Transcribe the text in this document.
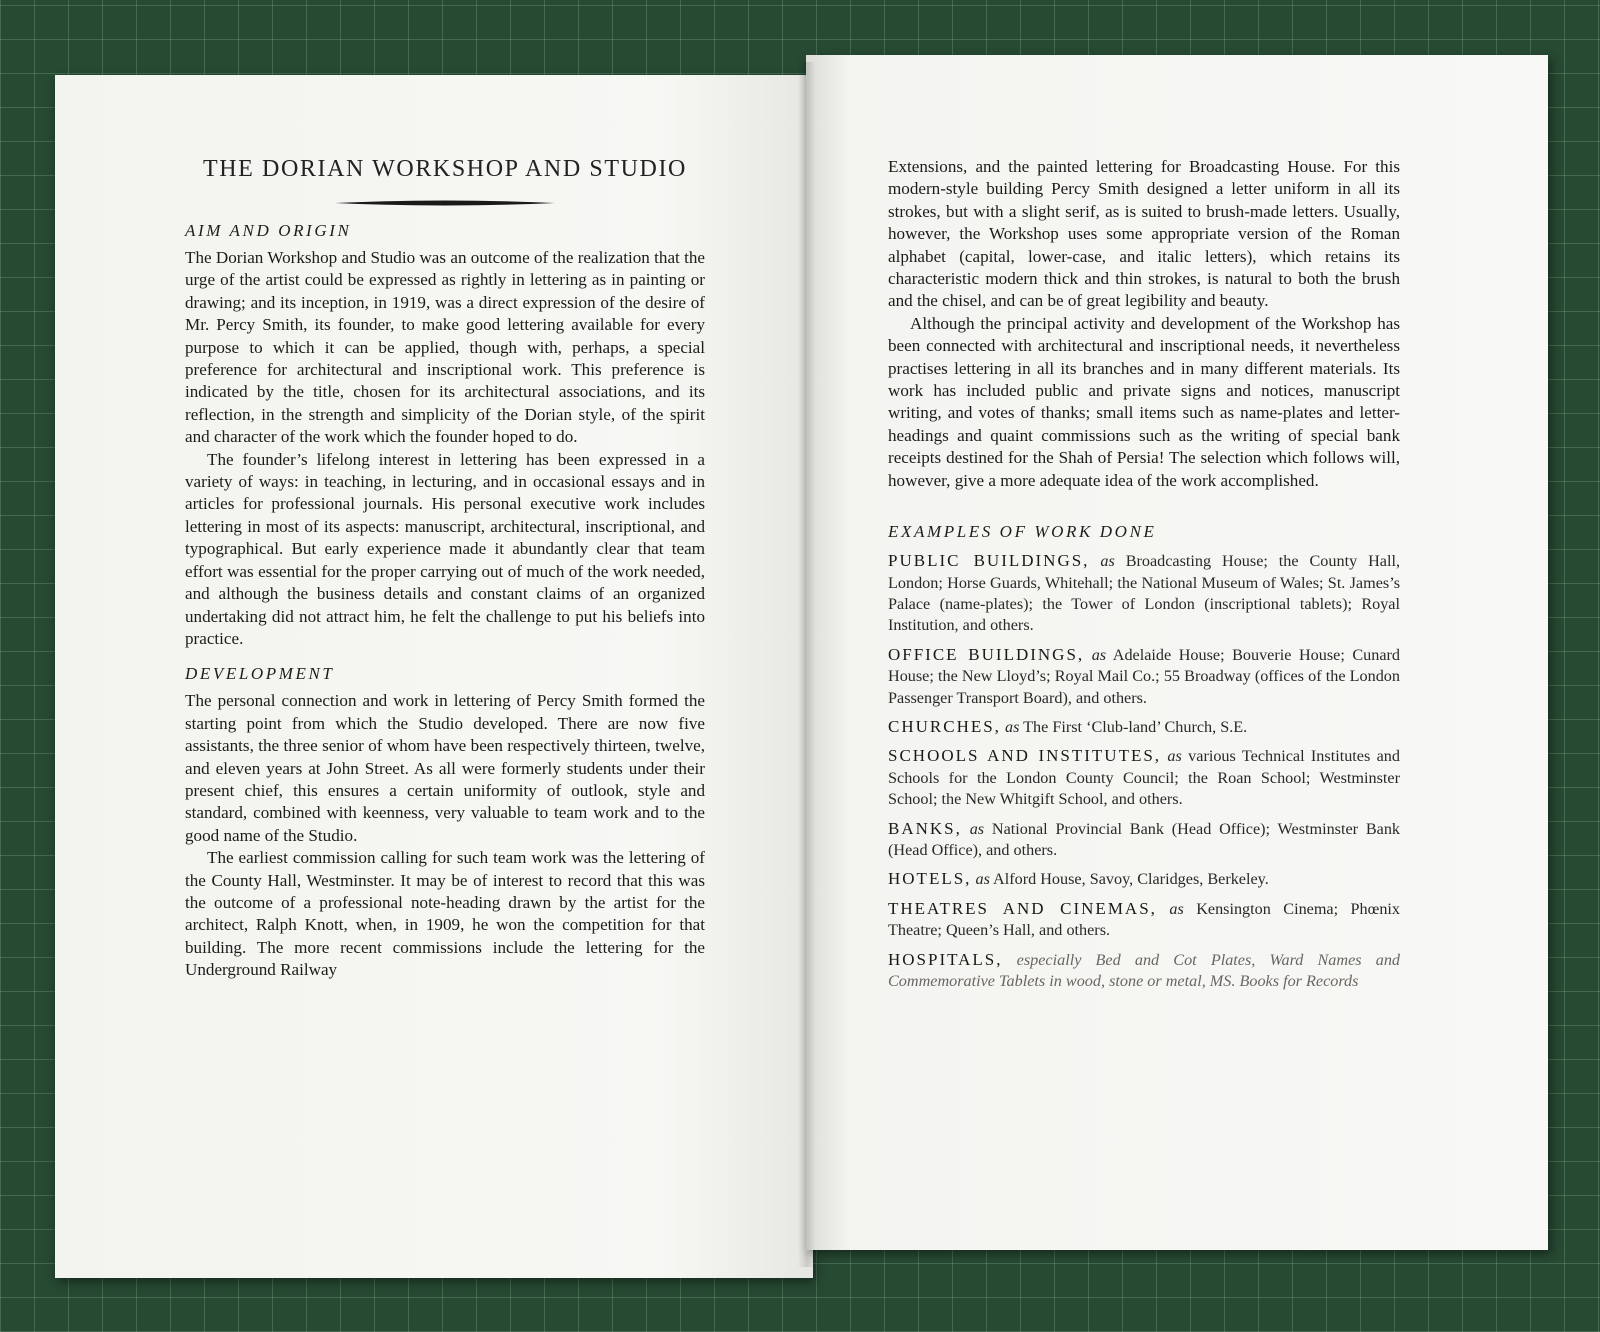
THE DORIAN WORKSHOP AND STUDIO
AIM AND ORIGIN

The Dorian Workshop and Studio was an outcome of the realization that the urge of the artist could be expressed as rightly in lettering as in painting or drawing; and its inception, in 1919, was a direct expression of the desire of Mr. Percy Smith, its founder, to make good lettering available for every purpose to which it can be applied, though with, perhaps, a special preference for architectural and inscriptional work. This preference is indicated by the title, chosen for its architectural associations, and its reflection, in the strength and simplicity of the Dorian style, of the spirit and character of the work which the founder hoped to do.

The founder’s lifelong interest in lettering has been expressed in a variety of ways: in teaching, in lecturing, and in occasional essays and in articles for professional journals. His personal executive work includes lettering in most of its aspects: manuscript, architectural, inscriptional, and typographical. But early experience made it abundantly clear that team effort was essential for the proper carrying out of much of the work needed, and although the business details and constant claims of an organized undertaking did not attract him, he felt the challenge to put his beliefs into practice.

DEVELOPMENT

The personal connection and work in lettering of Percy Smith formed the starting point from which the Studio developed. There are now five assistants, the three senior of whom have been respectively thirteen, twelve, and eleven years at John Street. As all were formerly students under their present chief, this ensures a certain uniformity of outlook, style and standard, combined with keenness, very valuable to team work and to the good name of the Studio.

The earliest commission calling for such team work was the lettering of the County Hall, Westminster. It may be of interest to record that this was the outcome of a professional note-heading drawn by the artist for the architect, Ralph Knott, when, in 1909, he won the competition for that building. The more recent commissions include the lettering for the Underground Railway

Extensions, and the painted lettering for Broadcasting House. For this modern-style building Percy Smith designed a letter uniform in all its strokes, but with a slight serif, as is suited to brush-made letters. Usually, however, the Workshop uses some appropriate version of the Roman alphabet (capital, lower-case, and italic letters), which retains its characteristic modern thick and thin strokes, is natural to both the brush and the chisel, and can be of great legibility and beauty.

Although the principal activity and development of the Workshop has been connected with architectural and inscriptional needs, it nevertheless practises lettering in all its branches and in many different materials. Its work has included public and private signs and notices, manuscript writing, and votes of thanks; small items such as name-plates and letter-headings and quaint commissions such as the writing of special bank receipts destined for the Shah of Persia! The selection which follows will, however, give a more adequate idea of the work accomplished.

EXAMPLES OF WORK DONE

PUBLIC BUILDINGS, as Broadcasting House; the County Hall, London; Horse Guards, Whitehall; the National Museum of Wales; St. James’s Palace (name-plates); the Tower of London (inscriptional tablets); Royal Institution, and others.

OFFICE BUILDINGS, as Adelaide House; Bouverie House; Cunard House; the New Lloyd’s; Royal Mail Co.; 55 Broadway (offices of the London Passenger Transport Board), and others.

CHURCHES, as The First ‘Club-land’ Church, S.E.

SCHOOLS AND INSTITUTES, as various Technical Institutes and Schools for the London County Council; the Roan School; Westminster School; the New Whitgift School, and others.

BANKS, as National Provincial Bank (Head Office); Westminster Bank (Head Office), and others.

HOTELS, as Alford House, Savoy, Claridges, Berkeley.

THEATRES AND CINEMAS, as Kensington Cinema; Phœnix Theatre; Queen’s Hall, and others.

HOSPITALS, especially Bed and Cot Plates, Ward Names and Commemorative Tablets in wood, stone or metal, MS. Books for Records
